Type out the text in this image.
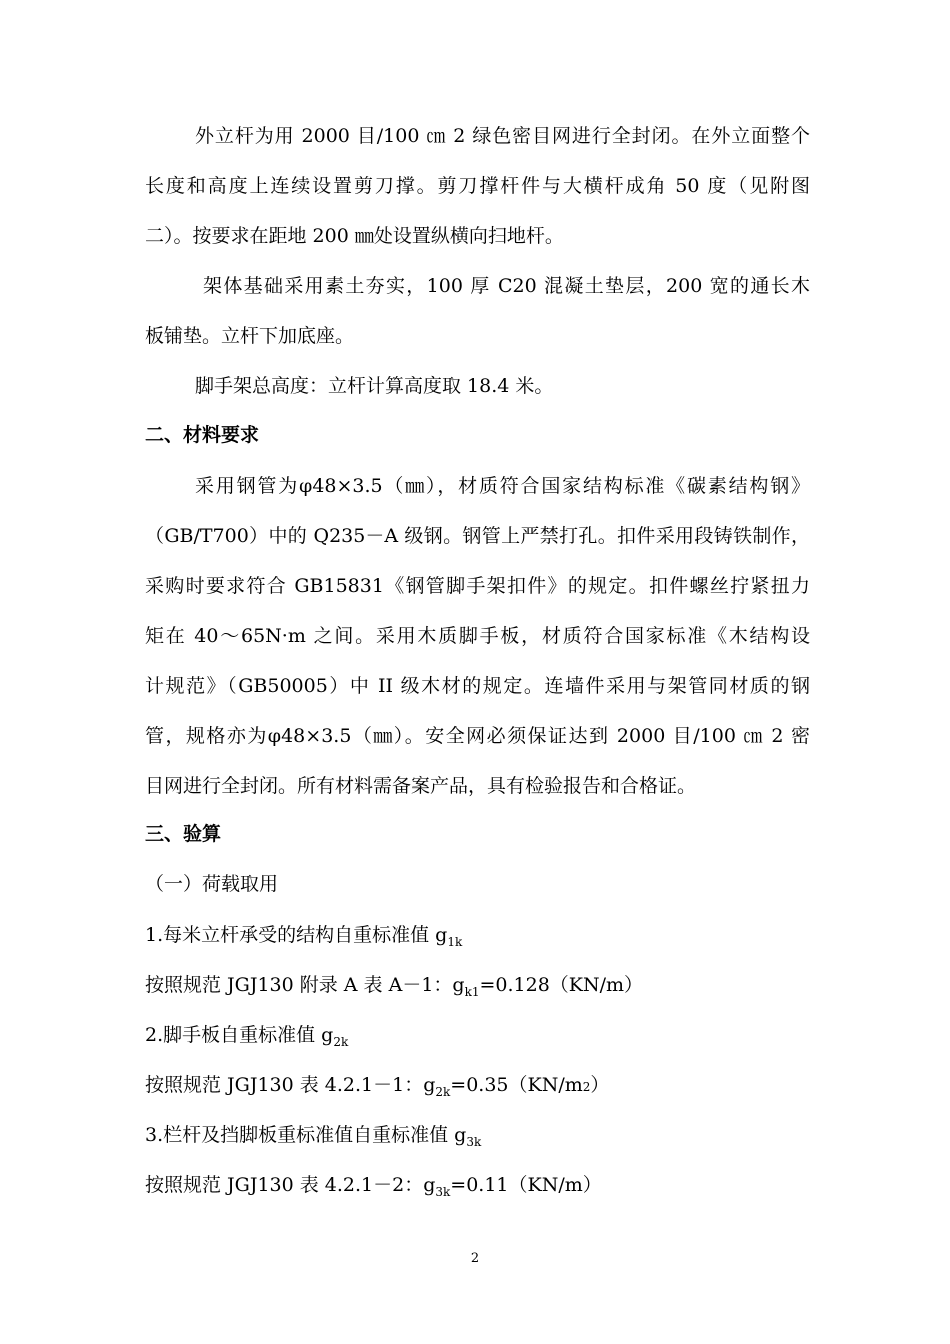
外立杆为用 2000 目/100 ㎝ 2 绿色密目网进行全封闭。在外立面整个

长度和高度上连续设置剪刀撑。剪刀撑杆件与大横杆成角 50 度（见附图

二）。按要求在距地 200 ㎜处设置纵横向扫地杆。

架体基础采用素土夯实，100 厚 C20 混凝土垫层，200 宽的通长木

板铺垫。立杆下加底座。

脚手架总高度：立杆计算高度取 18.4 米。

二、材料要求

采用钢管为φ48×3.5（㎜），材质符合国家结构标准《碳素结构钢》

（GB/T700）中的 Q235－A 级钢。钢管上严禁打孔。扣件采用段铸铁制作，

采购时要求符合 GB15831《钢管脚手架扣件》的规定。扣件螺丝拧紧扭力

矩在 40～65N·m 之间。采用木质脚手板，材质符合国家标准《木结构设

计规范》（GB50005）中 II 级木材的规定。连墙件采用与架管同材质的钢

管，规格亦为φ48×3.5（㎜）。安全网必须保证达到 2000 目/100 ㎝ 2 密

目网进行全封闭。所有材料需备案产品，具有检验报告和合格证。

三、验算

（一）荷载取用

1.每米立杆承受的结构自重标准值 $g_{1k}$

按照规范 JGJ130 附录 A 表 A－1：$g_{k1}=0.128(KN/m)$

2.脚手板自重标准值 $g_{2k}$

按照规范 JGJ130 表 4.2.1－1：$g_{2k}=0.35(KN/m2)$

3.栏杆及挡脚板重标准值自重标准值 $g_{3k}$

按照规范 JGJ130 表 4.2.1－2：$g_{3k}=0.11(KN/m)$

2
